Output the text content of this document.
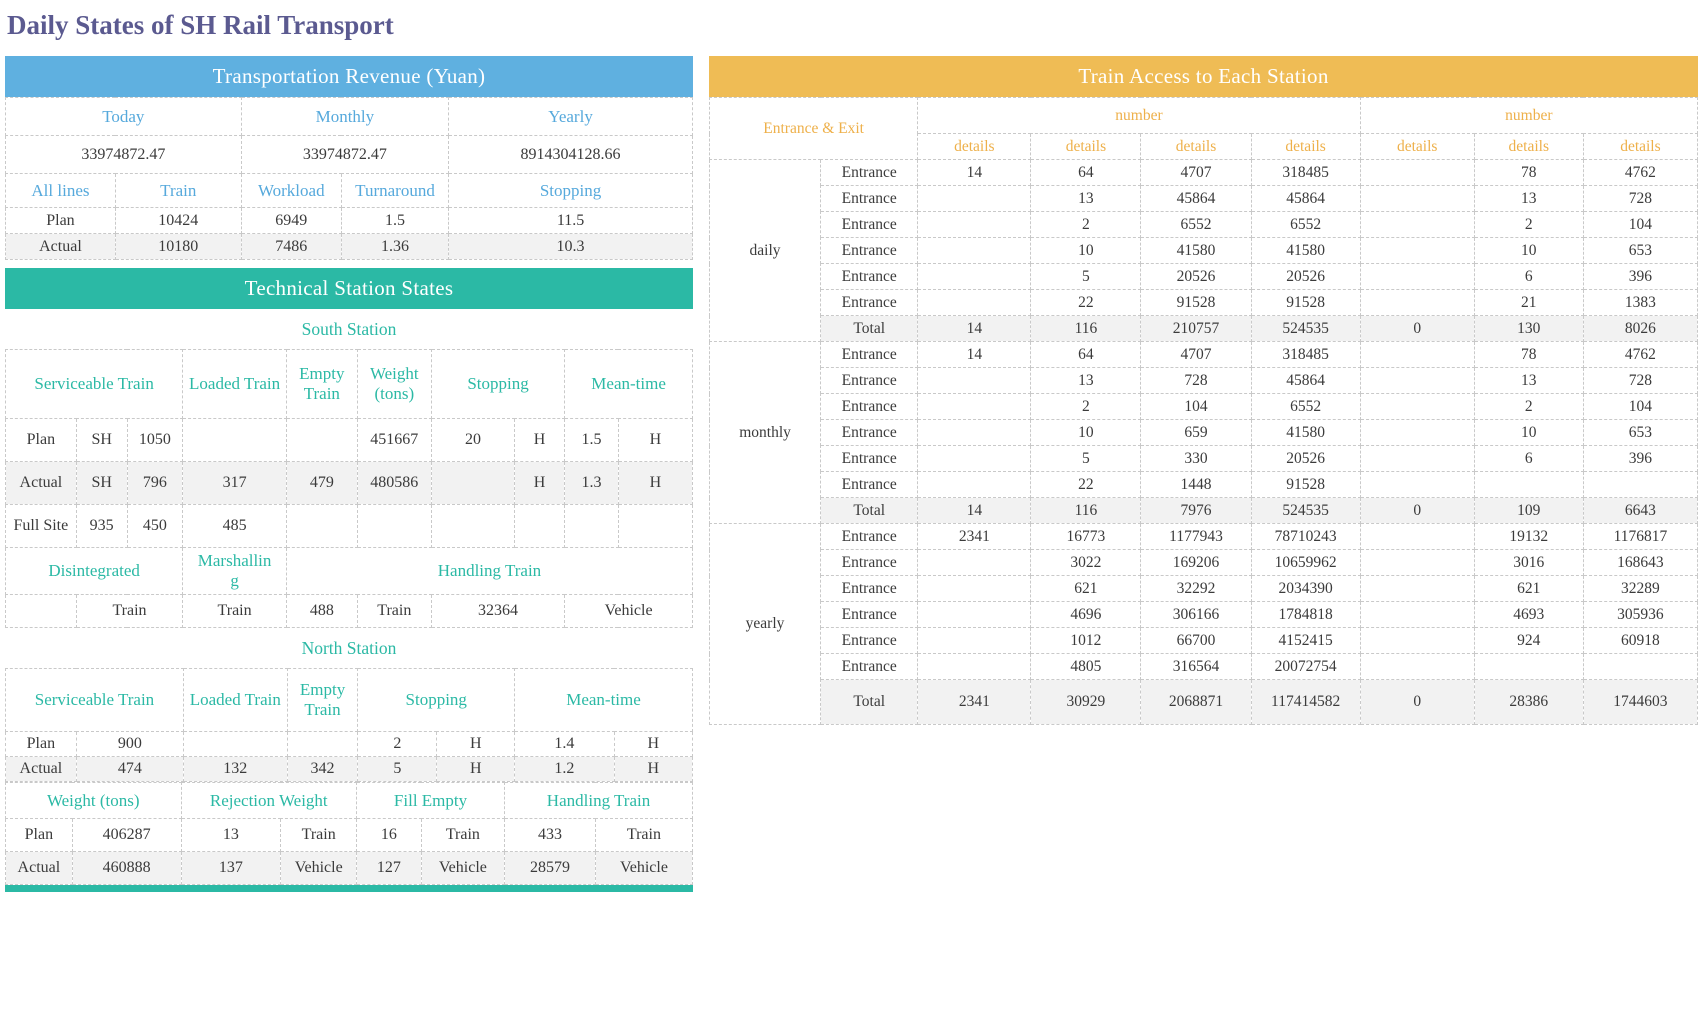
Daily States of SH Rail Transport
Transportation Revenue (Yuan)
Today		Monthly		Yearly
33974872.47		33974872.47		8914304128.66
All lines	Train	Workload	Turnaround	Stopping
Plan	10424	6949	1.5	11.5
Actual	10180	7486	1.36	10.3
Technical Station States
South Station
Serviceable Train			Loaded Train	Empty Train	Weight (tons)	Stopping		Mean-time	
Plan	SH	1050			451667	20	H	1.5	H
Actual	SH	796	317	479	480586		H	1.3	H
Full Site	935	450	485						
Disintegrated			Marshalling	Handling Train					
	Train		Train	488	Train	32364		Vehicle	
North Station
Serviceable Train		Loaded Train	Empty Train	Stopping		Mean-time	
Plan	900			2	H	1.4	H
Actual	474	132	342	5	H	1.2	H
Weight (tons)		Rejection Weight		Fill Empty		Handling Train	
Plan	406287	13	Train	16	Train	433	Train
Actual	460888	137	Vehicle	127	Vehicle	28579	Vehicle
Train Access to Each Station
Entrance & Exit		number				number		
		details	details	details	details	details	details	details
daily	Entrance	14	64	4707	318485		78	4762
	Entrance		13	45864	45864		13	728
	Entrance		2	6552	6552		2	104
	Entrance		10	41580	41580		10	653
	Entrance		5	20526	20526		6	396
	Entrance		22	91528	91528		21	1383
	Total	14	116	210757	524535	0	130	8026
monthly	Entrance	14	64	4707	318485		78	4762
	Entrance		13	728	45864		13	728
	Entrance		2	104	6552		2	104
	Entrance		10	659	41580		10	653
	Entrance		5	330	20526		6	396
	Entrance		22	1448	91528			
	Total	14	116	7976	524535	0	109	6643
yearly	Entrance	2341	16773	1177943	78710243		19132	1176817
	Entrance		3022	169206	10659962		3016	168643
	Entrance		621	32292	2034390		621	32289
	Entrance		4696	306166	1784818		4693	305936
	Entrance		1012	66700	4152415		924	60918
	Entrance		4805	316564	20072754			
	Total	2341	30929	2068871	117414582	0	28386	1744603
